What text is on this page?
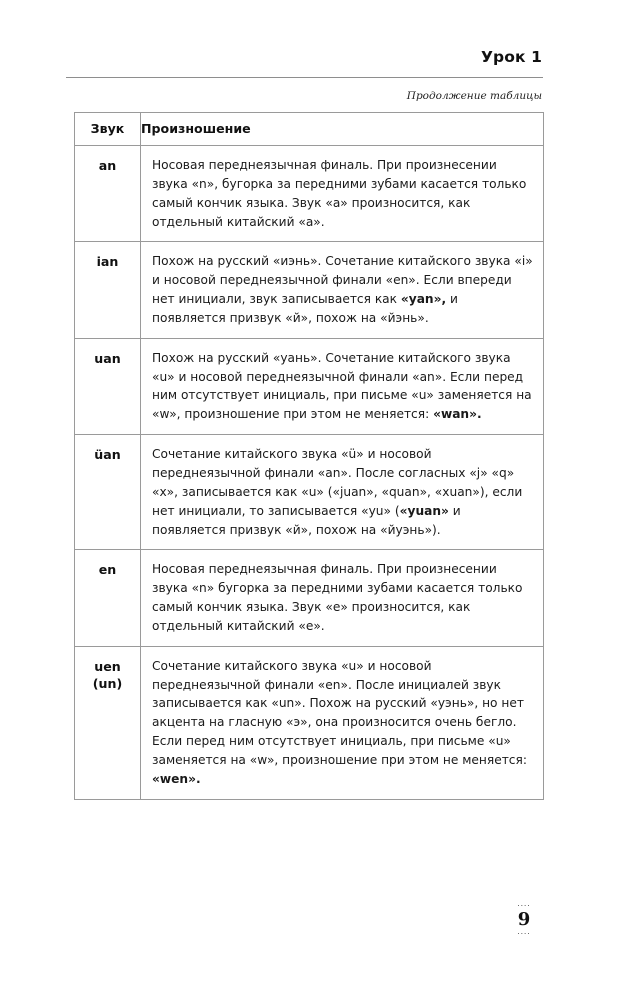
Урок 1
Продолжение таблицы
Звук	Произношение

an	Носовая переднеязычная финаль. При произнесении звука «n», бугорка за передними зубами касается только самый кончик языка. Звук «a» произносится, как отдельный китайский «a».

ian	Похож на русский «иэнь». Сочетание китайского звука «i» и носовой переднеязычной финали «en». Если впереди нет инициали, звук записывается как «yan», и появляется призвук «й», похож на «йэнь».

uan	Похож на русский «уань». Сочетание китайского звука «u» и носовой переднеязычной финали «an». Если перед ним отсутствует инициаль, при письме «u» заменяется на «w», произношение при этом не меняется: «wan».

üan	Сочетание китайского звука «ü» и носовой переднеязычной финали «an». После согласных «j» «q» «x», записывается как «u» («juan», «quan», «xuan»), если нет инициали, то записывается «yu» («yuan» и появляется призвук «й», похож на «йуэнь»).

en	Носовая переднеязычная финаль. При произнесении звука «n» бугорка за передними зубами касается только самый кончик языка. Звук «e» произносится, как отдельный китайский «e».

uen
(un)	Сочетание китайского звука «u» и носовой переднеязычной финали «en». После инициалей звук записывается как «un». Похож на русский «уэнь», но нет акцента на гласную «э», она произносится очень бегло. Если перед ним отсутствует инициаль, при письме «u» заменяется на «w», произношение при этом не меняется: «wen».
····
9
····
